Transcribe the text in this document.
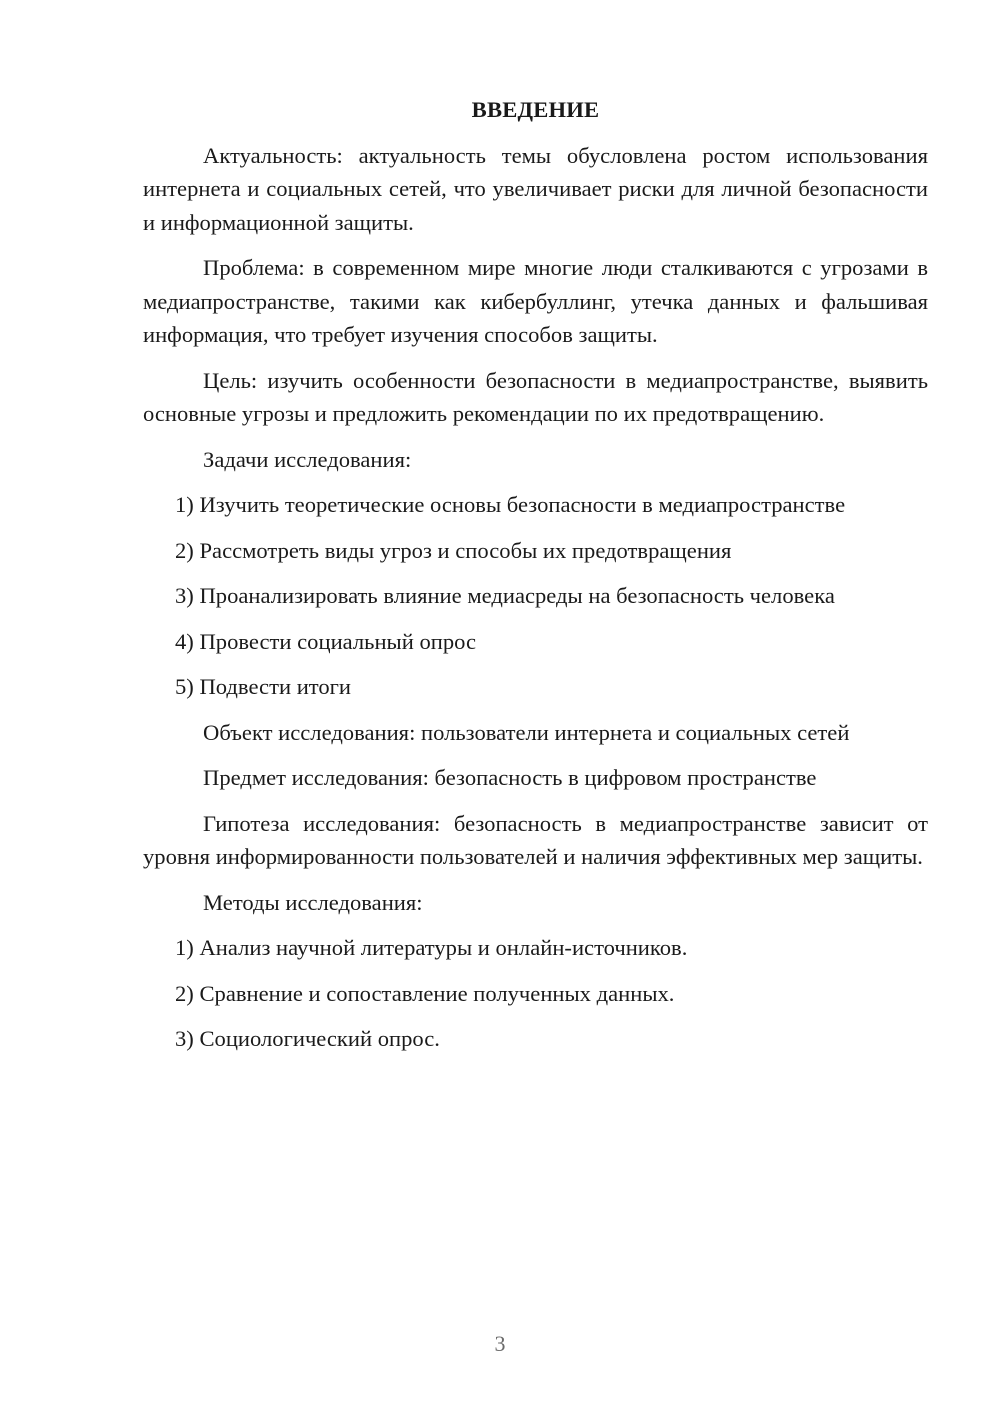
ВВЕДЕНИЕ
Актуальность: актуальность темы обусловлена ростом использования интернета и социальных сетей, что увеличивает риски для личной безопасности и информационной защиты.
Проблема: в современном мире многие люди сталкиваются с угрозами в медиапространстве, такими как кибербуллинг, утечка данных и фальшивая информация, что требует изучения способов защиты.
Цель: изучить особенности безопасности в медиапространстве, выявить основные угрозы и предложить рекомендации по их предотвращению.
Задачи исследования:
1) Изучить теоретические основы безопасности в медиапространстве
2) Рассмотреть виды угроз и способы их предотвращения
3) Проанализировать влияние медиасреды на безопасность человека
4) Провести социальный опрос
5) Подвести итоги
Объект исследования: пользователи интернета и социальных сетей
Предмет исследования: безопасность в цифровом пространстве
Гипотеза исследования: безопасность в медиапространстве зависит от уровня информированности пользователей и наличия эффективных мер защиты.
Методы исследования:
1) Анализ научной литературы и онлайн-источников.
2) Сравнение и сопоставление полученных данных.
3) Социологический опрос.
3
